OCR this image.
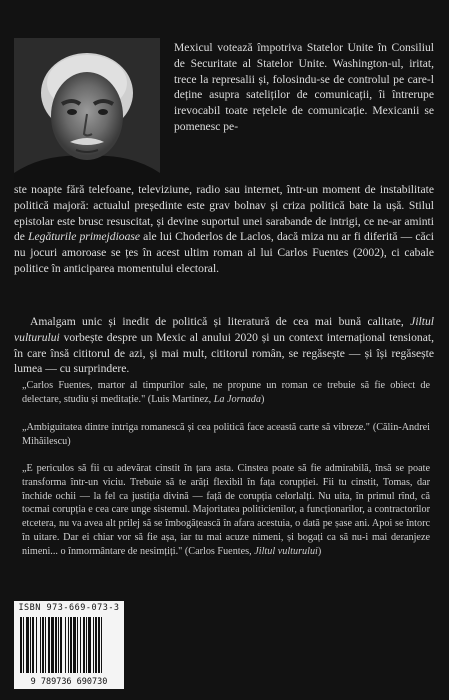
Mexicul votează împotriva Statelor Unite în Consiliul de Securitate al Statelor Unite. Washington-ul, iritat, trece la represalii și, folosindu-se de controlul pe care-l deține asupra sateliților de comunicații, îi întrerupe irevocabil toate rețelele de comunicație. Mexicanii se pomenesc pe-

ste noapte fără telefoane, televiziune, radio sau internet, într-un moment de instabilitate politică majoră: actualul președinte este grav bolnav și criza politică bate la ușă. Stilul epistolar este brusc resuscitat, și devine suportul unei sarabande de intrigi, ce ne-ar aminti de Legăturile primejdioase ale lui Choderlos de Laclos, dacă miza nu ar fi diferită — căci nu jocuri amoroase se țes în acest ultim roman al lui Carlos Fuentes (2002), ci cabale politice în anticiparea momentului electoral.

Amalgam unic și inedit de politică și literatură de cea mai bună calitate, Jiltul vulturului vorbește despre un Mexic al anului 2020 și un context internațional tensionat, în care însă cititorul de azi, și mai mult, cititorul român, se regăsește — și își regăsește lumea — cu surprindere.

„Carlos Fuentes, martor al timpurilor sale, ne propune un roman ce trebuie să fie obiect de delectare, studiu și meditație." (Luis Martínez, La Jornada)
„Ambiguitatea dintre intriga romanescă și cea politică face această carte să vibreze." (Călin-Andrei Mihăilescu)
„E periculos să fii cu adevărat cinstit în țara asta. Cinstea poate să fie admirabilă, însă se poate transforma într-un viciu. Trebuie să te arăți flexibil în fața corupției. Fii tu cinstit, Tomas, dar închide ochii — la fel ca justiția divină — față de corupția celorlalți. Nu uita, în primul rînd, că tocmai corupția e cea care unge sistemul. Majoritatea politicienilor, a funcționarilor, a contractorilor etcetera, nu va avea alt prilej să se îmbogățească în afara acestuia, o dată pe șase ani. Apoi se întorc în uitare. Dar ei chiar vor să fie așa, iar tu mai acuze nimeni, și bogați ca să nu-i mai deranjeze nimeni... o înmormântare de nesimțiți." (Carlos Fuentes, Jiltul vulturului)
ISBN 973-669-073-3
9 789736 690730
